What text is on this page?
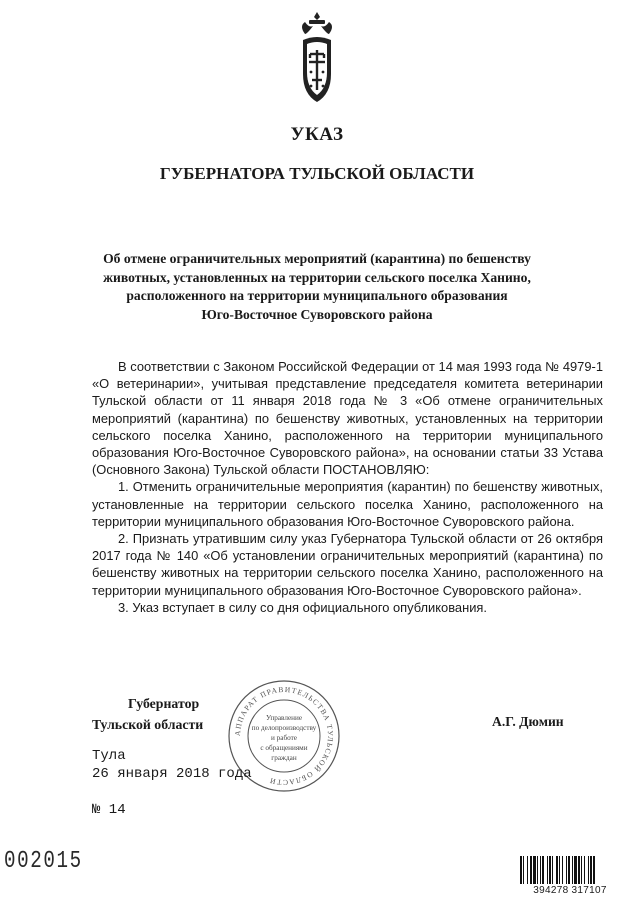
УКАЗ
ГУБЕРНАТОРА ТУЛЬСКОЙ ОБЛАСТИ
Об отмене ограничительных мероприятий (карантина) по бешенству
животных, установленных на территории сельского поселка Ханино,
расположенного на территории муниципального образования
Юго-Восточное Суворовского района

В соответствии с Законом Российской Федерации от 14 мая 1993 года № 4979-1 «О ветеринарии», учитывая представление председателя комитета ветеринарии Тульской области от 11 января 2018 года № 3 «Об отмене ограничительных мероприятий (карантина) по бешенству животных, установленных на территории сельского поселка Ханино, расположенного на территории муниципального образования Юго-Восточное Суворовского района», на основании статьи 33 Устава (Основного Закона) Тульской области ПОСТАНОВЛЯЮ:

1. Отменить ограничительные мероприятия (карантин) по бешенству животных, установленные на территории сельского поселка Ханино, расположенного на территории муниципального образования Юго-Восточное Суворовского района.

2. Признать утратившим силу указ Губернатора Тульской области от 26 октября 2017 года № 140 «Об установлении ограничительных мероприятий (карантина) по бешенству животных на территории сельского поселка Ханино, расположенного на территории муниципального образования Юго-Восточное Суворовского района».

3. Указ вступает в силу со дня официального опубликования.

АППАРАТ ПРАВИТЕЛЬСТВА ТУЛЬСКОЙ ОБЛАСТИ
Управление
по делопроизводству
и работе
с обращениями
граждан
Губернатор
Тульской области	А.Г. Дюмин
Тула
26 января 2018 года
№ 14
002015
394278 317107
